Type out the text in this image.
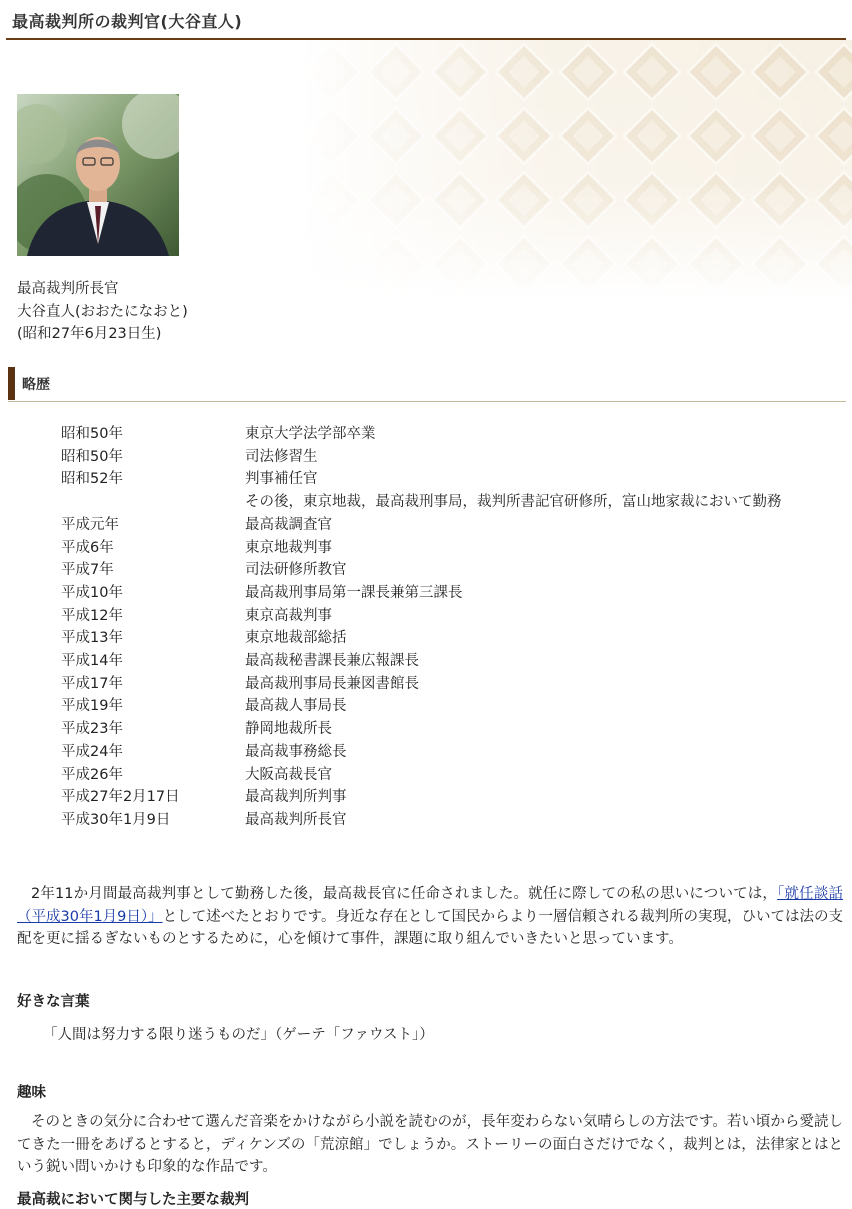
最高裁判所の裁判官(大谷直人)
最高裁判所長官
大谷直人(おおたになおと)
(昭和27年6月23日生)
略歴
昭和50年	東京大学法学部卒業
昭和50年	司法修習生
昭和52年	判事補任官
その後，東京地裁，最高裁刑事局，裁判所書記官研修所，富山地家裁において勤務
平成元年	最高裁調査官
平成6年	東京地裁判事
平成7年	司法研修所教官
平成10年	最高裁刑事局第一課長兼第三課長
平成12年	東京高裁判事
平成13年	東京地裁部総括
平成14年	最高裁秘書課長兼広報課長
平成17年	最高裁刑事局長兼図書館長
平成19年	最高裁人事局長
平成23年	静岡地裁所長
平成24年	最高裁事務総長
平成26年	大阪高裁長官
平成27年2月17日	最高裁判所判事
平成30年1月9日	最高裁判所長官
2年11か月間最高裁判事として勤務した後，最高裁長官に任命されました。就任に際しての私の思いについては，「就任談話（平成30年1月9日）」として述べたとおりです。身近な存在として国民からより一層信頼される裁判所の実現，ひいては法の支配を更に揺るぎないものとするために，心を傾けて事件，課題に取り組んでいきたいと思っています。
好きな言葉
「人間は努力する限り迷うものだ」（ゲーテ「ファウスト」）
趣味
そのときの気分に合わせて選んだ音楽をかけながら小説を読むのが，長年変わらない気晴らしの方法です。若い頃から愛読してきた一冊をあげるとすると，ディケンズの「荒涼館」でしょうか。ストーリーの面白さだけでなく，裁判とは，法律家とはという鋭い問いかけも印象的な作品です。
最高裁において関与した主要な裁判
